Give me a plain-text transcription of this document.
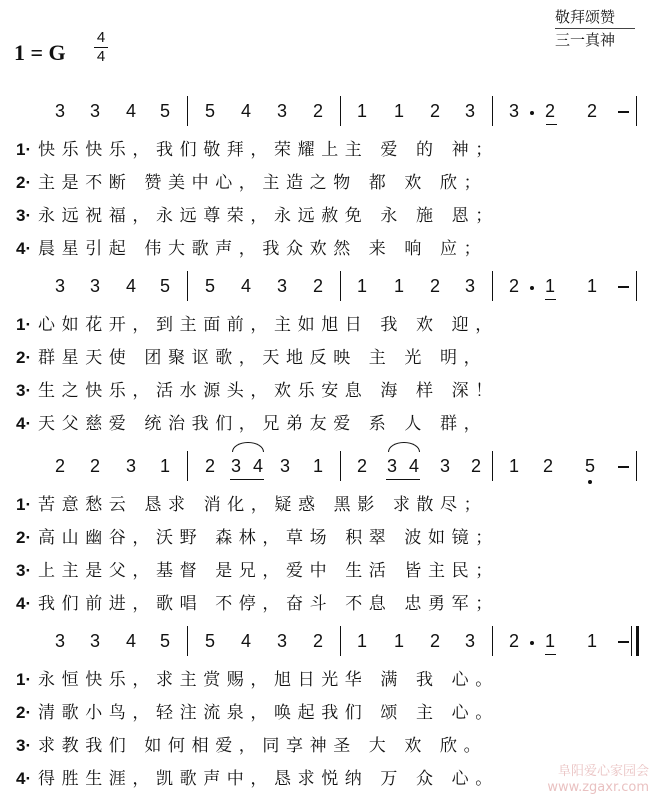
1 = G
4
4
敬拜颂赞
三一真神
3 3 4 5 5 4 3 2 1 1 2 3 3 2 2
1· 快乐快乐，我们敬拜，荣耀上主 爱 的 神；
2· 主是不断 赞美中心，主造之物 都 欢 欣；
3· 永远祝福，永远尊荣，永远赦免 永 施 恩；
4· 晨星引起 伟大歌声，我众欢然 来 响 应；
3 3 4 5 5 4 3 2 1 1 2 3 2 1 1
1· 心如花开，到主面前，主如旭日 我 欢 迎，
2· 群星天使 团聚讴歌，天地反映 主 光 明，
3· 生之快乐，活水源头，欢乐安息 海 样 深！
4· 天父慈爱 统治我们，兄弟友爱 系 人 群，
2 2 3 1 2 3 4 3 1 2 3 4 3 2 1 2 5
1· 苦意愁云 恳求 消化，疑惑 黑影 求散尽；
2· 高山幽谷，沃野 森林，草场 积翠 波如镜；
3· 上主是父，基督 是兄，爱中 生活 皆主民；
4· 我们前进，歌唱 不停，奋斗 不息 忠勇军；
3 3 4 5 5 4 3 2 1 1 2 3 2 1 1
1· 永恒快乐，求主赏赐，旭日光华 满 我 心。
2· 清歌小鸟，轻注流泉，唤起我们 颂 主 心。
3· 求教我们 如何相爱，同享神圣 大 欢 欣。
4· 得胜生涯，凯歌声中，恳求悦纳 万 众 心。	阜阳爱心家园会
www.zgaxr.com
